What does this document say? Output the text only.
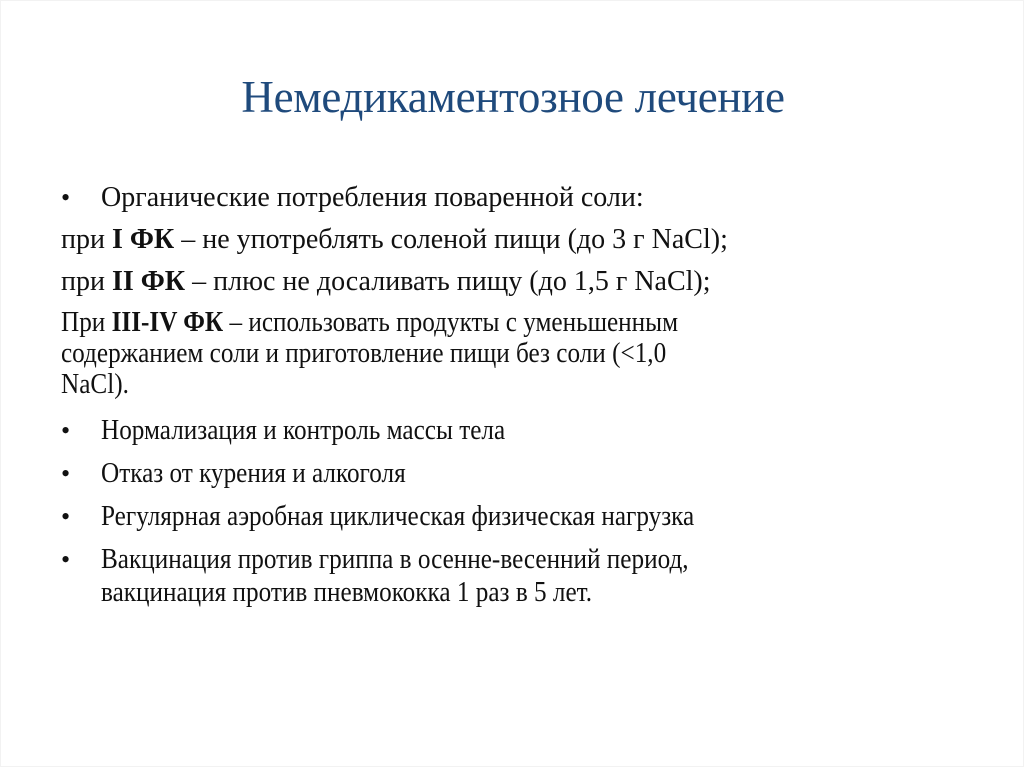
Немедикаментозное лечение
• Органические потребления поваренной соли:
при I ФК – не употреблять соленой пищи (до 3 г NaCl);
при II ФК – плюс не досаливать пищу (до 1,5 г NaCl);
При III-IV ФК – использовать продукты с уменьшенным
содержанием соли и приготовление пищи без соли (<1,0
NaCl).
• Нормализация и контроль массы тела
• Отказ от курения и алкоголя
• Регулярная аэробная циклическая физическая нагрузка
• Вакцинация против гриппа в осенне-весенний период,
вакцинация против пневмококка 1 раз в 5 лет.
